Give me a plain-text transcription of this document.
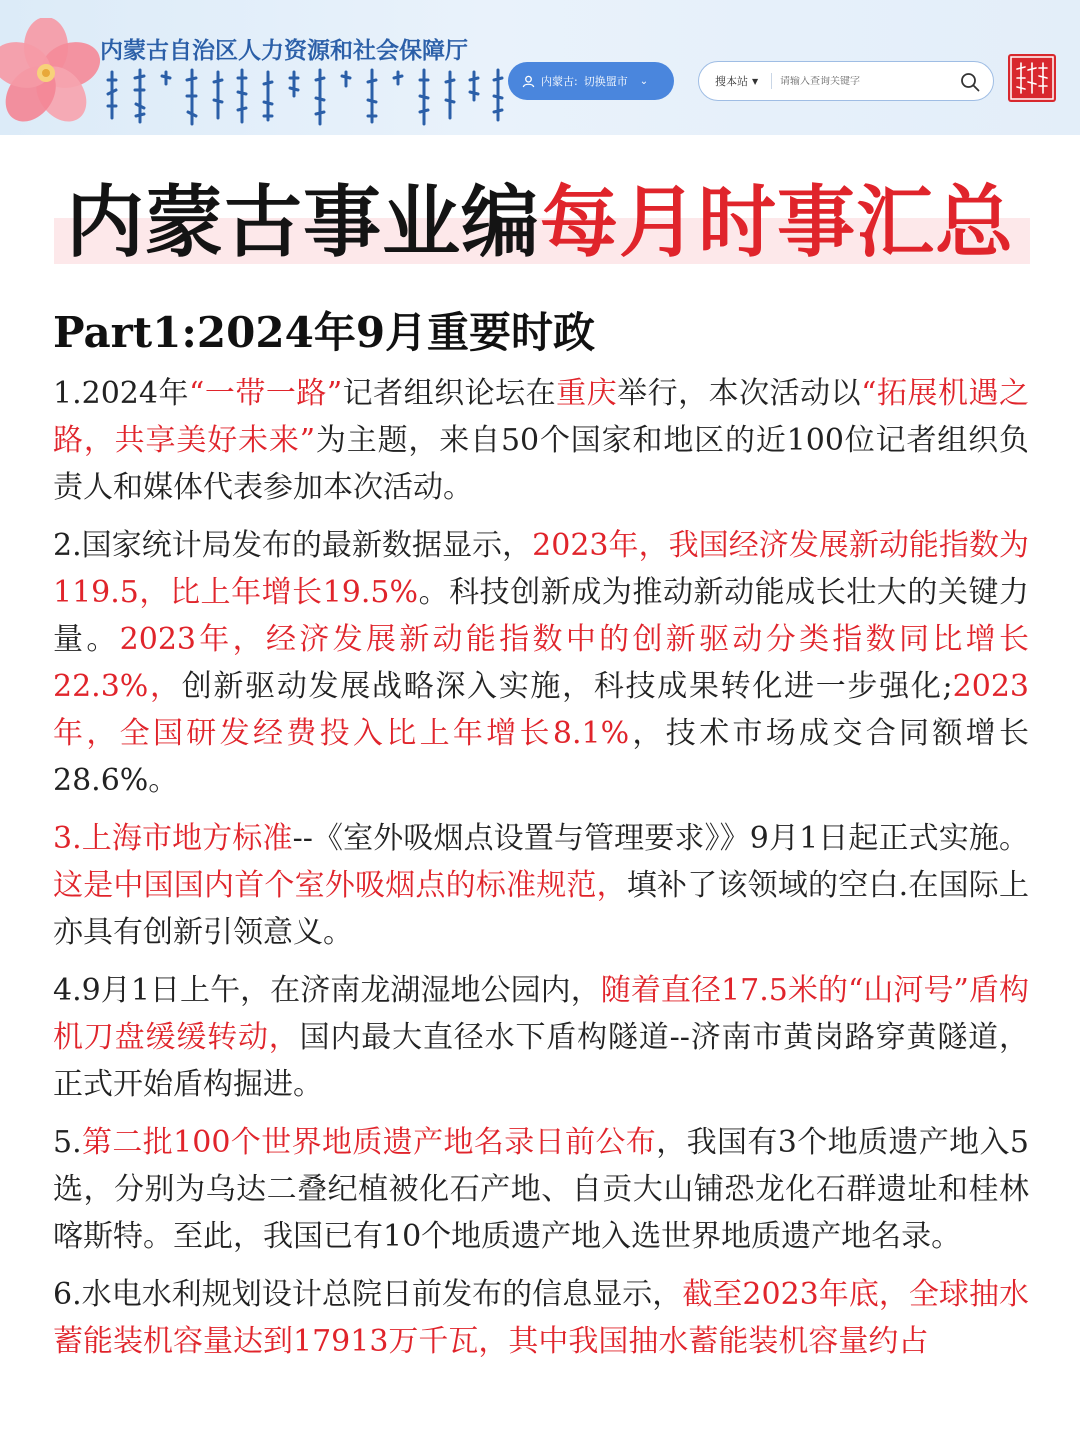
内蒙古自治区人力资源和社会保障厅
内蒙古: 切换盟市 ⌄	搜本站 ▼
请输入查询关键字
内蒙古事业编每月时事汇总
Part1:2024年9月重要时政

1.2024年“一带一路”记者组织论坛在重庆举行，本次活动以“拓展机遇之路，共享美好未来”为主题，来自50个国家和地区的近100位记者组织负责人和媒体代表参加本次活动。

2.国家统计局发布的最新数据显示，2023年，我国经济发展新动能指数为119.5，比上年增长19.5%。科技创新成为推动新动能成长壮大的关键力量。2023年，经济发展新动能指数中的创新驱动分类指数同比增长22.3%，创新驱动发展战略深入实施，科技成果转化进一步强化;2023年，全国研发经费投入比上年增长8.1%，技术市场成交合同额增长28.6%。

3.上海市地方标准--《室外吸烟点设置与管理要求》》9月1日起正式实施。这是中国国内首个室外吸烟点的标准规范，填补了该领域的空白.在国际上亦具有创新引领意义。

4.9月1日上午，在济南龙湖湿地公园内，随着直径17.5米的“山河号”盾构机刀盘缓缓转动，国内最大直径水下盾构隧道--济南市黄岗路穿黄隧道，正式开始盾构掘进。

5.第二批100个世界地质遗产地名录日前公布，我国有3个地质遗产地入5选，分别为乌达二叠纪植被化石产地、自贡大山铺恐龙化石群遗址和桂林喀斯特。至此，我国已有10个地质遗产地入选世界地质遗产地名录。

6.水电水利规划设计总院日前发布的信息显示，截至2023年底，全球抽水蓄能装机容量达到17913万千瓦，其中我国抽水蓄能装机容量约占
